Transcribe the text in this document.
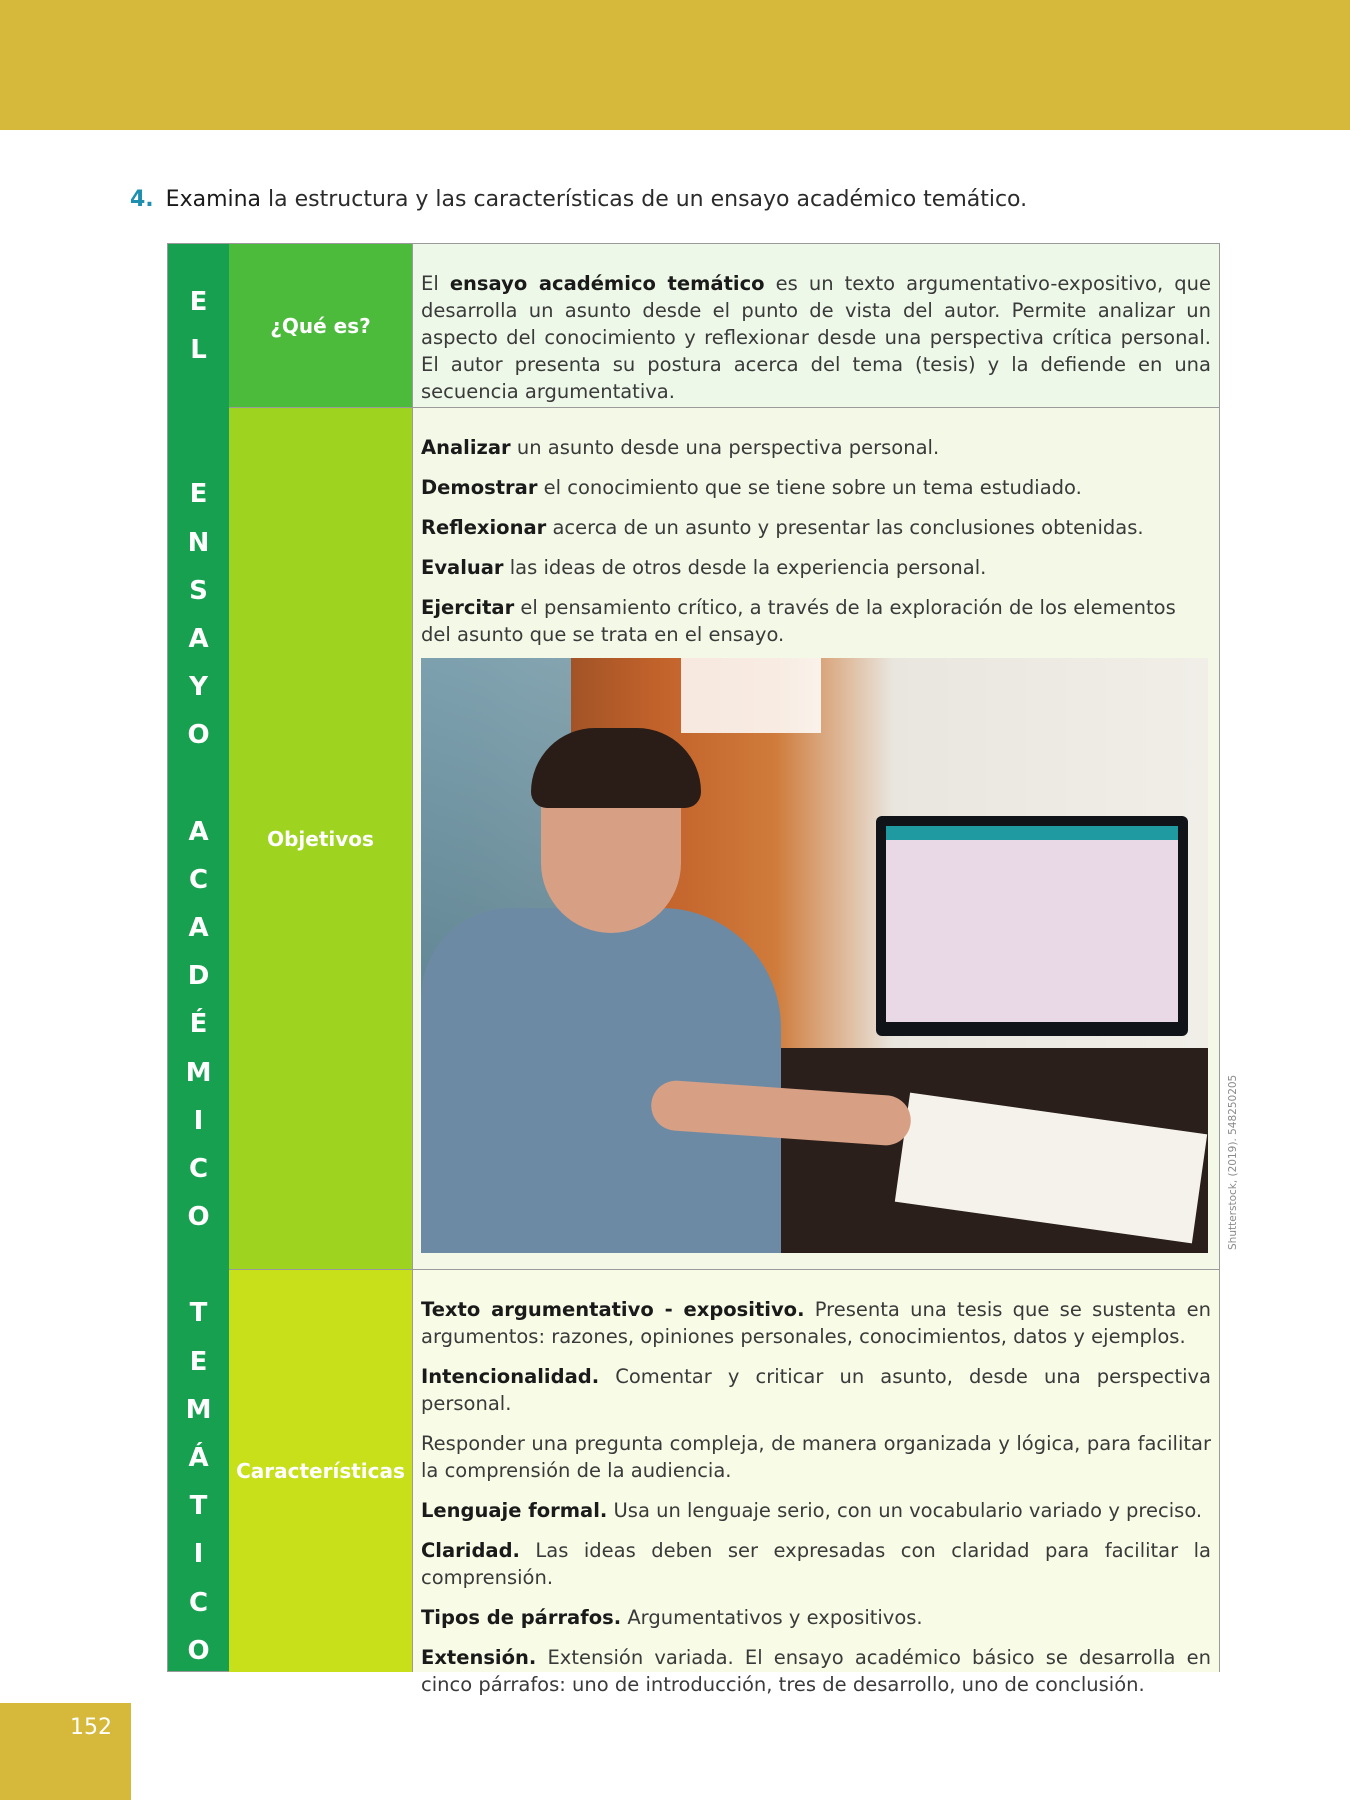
4. Examina la estructura y las características de un ensayo académico temático.
E
L
E
N
S
A
Y
O
A
C
A
D
É
M
I
C
O
T
E
M
Á
T
I
C
O
¿Qué es?

El ensayo académico temático es un texto argumentativo-expositivo, que desarrolla un asunto desde el punto de vista del autor. Permite analizar un aspecto del conocimiento y reflexionar desde una perspectiva crítica personal. El autor presenta su postura acerca del tema (tesis) y la defiende en una secuencia argumentativa.

Objetivos

Analizar un asunto desde una perspectiva personal.

Demostrar el conocimiento que se tiene sobre un tema estudiado.

Reflexionar acerca de un asunto y presentar las conclusiones obtenidas.

Evaluar las ideas de otros desde la experiencia personal.

Ejercitar el pensamiento crítico, a través de la exploración de los elementos del asunto que se trata en el ensayo.

Características

Texto argumentativo - expositivo. Presenta una tesis que se sustenta en argumentos: razones, opiniones personales, conocimientos, datos y ejemplos.

Intencionalidad. Comentar y criticar un asunto, desde una perspectiva personal.

Responder una pregunta compleja, de manera organizada y lógica, para facilitar la comprensión de la audiencia.

Lenguaje formal. Usa un lenguaje serio, con un vocabulario variado y preciso.

Claridad. Las ideas deben ser expresadas con claridad para facilitar la comprensión.

Tipos de párrafos. Argumentativos y expositivos.

Extensión. Extensión variada. El ensayo académico básico se desarrolla en cinco párrafos: uno de introducción, tres de desarrollo, uno de conclusión.

Shutterstock, (2019). 548250205
152
